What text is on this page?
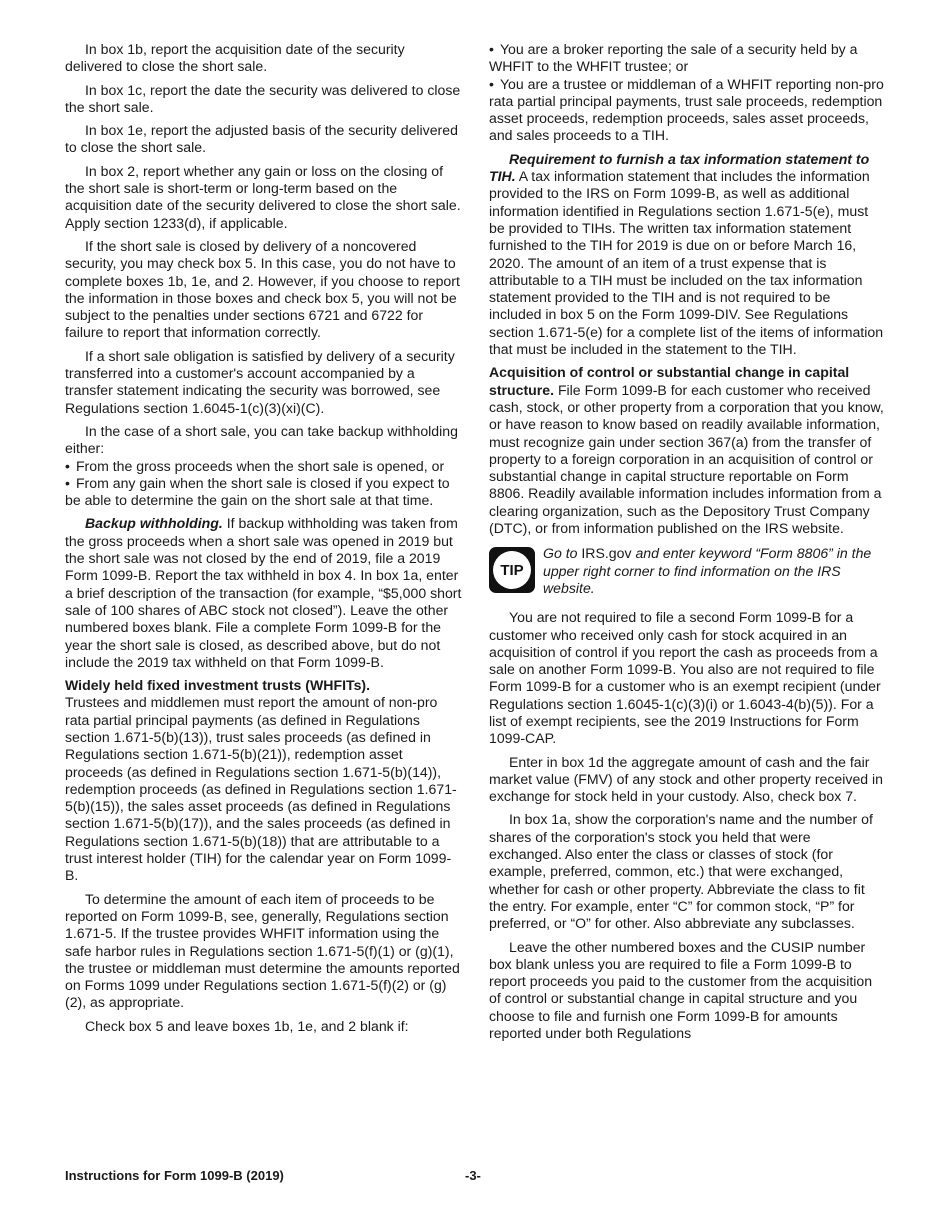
In box 1b, report the acquisition date of the security delivered to close the short sale.

In box 1c, report the date the security was delivered to close the short sale.

In box 1e, report the adjusted basis of the security delivered to close the short sale.

In box 2, report whether any gain or loss on the closing of the short sale is short-term or long-term based on the acquisition date of the security delivered to close the short sale. Apply section 1233(d), if applicable.

If the short sale is closed by delivery of a noncovered security, you may check box 5. In this case, you do not have to complete boxes 1b, 1e, and 2. However, if you choose to report the information in those boxes and check box 5, you will not be subject to the penalties under sections 6721 and 6722 for failure to report that information correctly.

If a short sale obligation is satisfied by delivery of a security transferred into a customer's account accompanied by a transfer statement indicating the security was borrowed, see Regulations section 1.6045-1(c)(3)(xi)(C).

In the case of a short sale, you can take backup withholding either:

• From the gross proceeds when the short sale is opened, or

• From any gain when the short sale is closed if you expect to be able to determine the gain on the short sale at that time.

Backup withholding. If backup withholding was taken from the gross proceeds when a short sale was opened in 2019 but the short sale was not closed by the end of 2019, file a 2019 Form 1099-B. Report the tax withheld in box 4. In box 1a, enter a brief description of the transaction (for example, “$5,000 short sale of 100 shares of ABC stock not closed”). Leave the other numbered boxes blank. File a complete Form 1099-B for the year the short sale is closed, as described above, but do not include the 2019 tax withheld on that Form 1099-B.

Widely held fixed investment trusts (WHFITs).
Trustees and middlemen must report the amount of non-pro rata partial principal payments (as defined in Regulations section 1.671-5(b)(13)), trust sales proceeds (as defined in Regulations section 1.671-5(b)(21)), redemption asset proceeds (as defined in Regulations section 1.671-5(b)(14)), redemption proceeds (as defined in Regulations section 1.671-5(b)(15)), the sales asset proceeds (as defined in Regulations section 1.671-5(b)(17)), and the sales proceeds (as defined in Regulations section 1.671-5(b)(18)) that are attributable to a trust interest holder (TIH) for the calendar year on Form 1099-B.

To determine the amount of each item of proceeds to be reported on Form 1099-B, see, generally, Regulations section 1.671-5. If the trustee provides WHFIT information using the safe harbor rules in Regulations section 1.671-5(f)(1) or (g)(1), the trustee or middleman must determine the amounts reported on Forms 1099 under Regulations section 1.671-5(f)(2) or (g)(2), as appropriate.

Check box 5 and leave boxes 1b, 1e, and 2 blank if:

• You are a broker reporting the sale of a security held by a WHFIT to the WHFIT trustee; or

• You are a trustee or middleman of a WHFIT reporting non-pro rata partial principal payments, trust sale proceeds, redemption asset proceeds, redemption proceeds, sales asset proceeds, and sales proceeds to a TIH.

Requirement to furnish a tax information statement to TIH. A tax information statement that includes the information provided to the IRS on Form 1099-B, as well as additional information identified in Regulations section 1.671-5(e), must be provided to TIHs. The written tax information statement furnished to the TIH for 2019 is due on or before March 16, 2020. The amount of an item of a trust expense that is attributable to a TIH must be included on the tax information statement provided to the TIH and is not required to be included in box 5 on the Form 1099-DIV. See Regulations section 1.671-5(e) for a complete list of the items of information that must be included in the statement to the TIH.

Acquisition of control or substantial change in capital structure. File Form 1099-B for each customer who received cash, stock, or other property from a corporation that you know, or have reason to know based on readily available information, must recognize gain under section 367(a) from the transfer of property to a foreign corporation in an acquisition of control or substantial change in capital structure reportable on Form 8806. Readily available information includes information from a clearing organization, such as the Depository Trust Company (DTC), or from information published on the IRS website.

TIP
Go to IRS.gov and enter keyword “Form 8806” in the upper right corner to find information on the IRS website.

You are not required to file a second Form 1099-B for a customer who received only cash for stock acquired in an acquisition of control if you report the cash as proceeds from a sale on another Form 1099-B. You also are not required to file Form 1099-B for a customer who is an exempt recipient (under Regulations section 1.6045-1(c)(3)(i) or 1.6043-4(b)(5)). For a list of exempt recipients, see the 2019 Instructions for Form 1099-CAP.

Enter in box 1d the aggregate amount of cash and the fair market value (FMV) of any stock and other property received in exchange for stock held in your custody. Also, check box 7.

In box 1a, show the corporation's name and the number of shares of the corporation's stock you held that were exchanged. Also enter the class or classes of stock (for example, preferred, common, etc.) that were exchanged, whether for cash or other property. Abbreviate the class to fit the entry. For example, enter “C” for common stock, “P” for preferred, or “O” for other. Also abbreviate any subclasses.

Leave the other numbered boxes and the CUSIP number box blank unless you are required to file a Form 1099-B to report proceeds you paid to the customer from the acquisition of control or substantial change in capital structure and you choose to file and furnish one Form 1099-B for amounts reported under both Regulations

Instructions for Form 1099-B (2019)	-3-
